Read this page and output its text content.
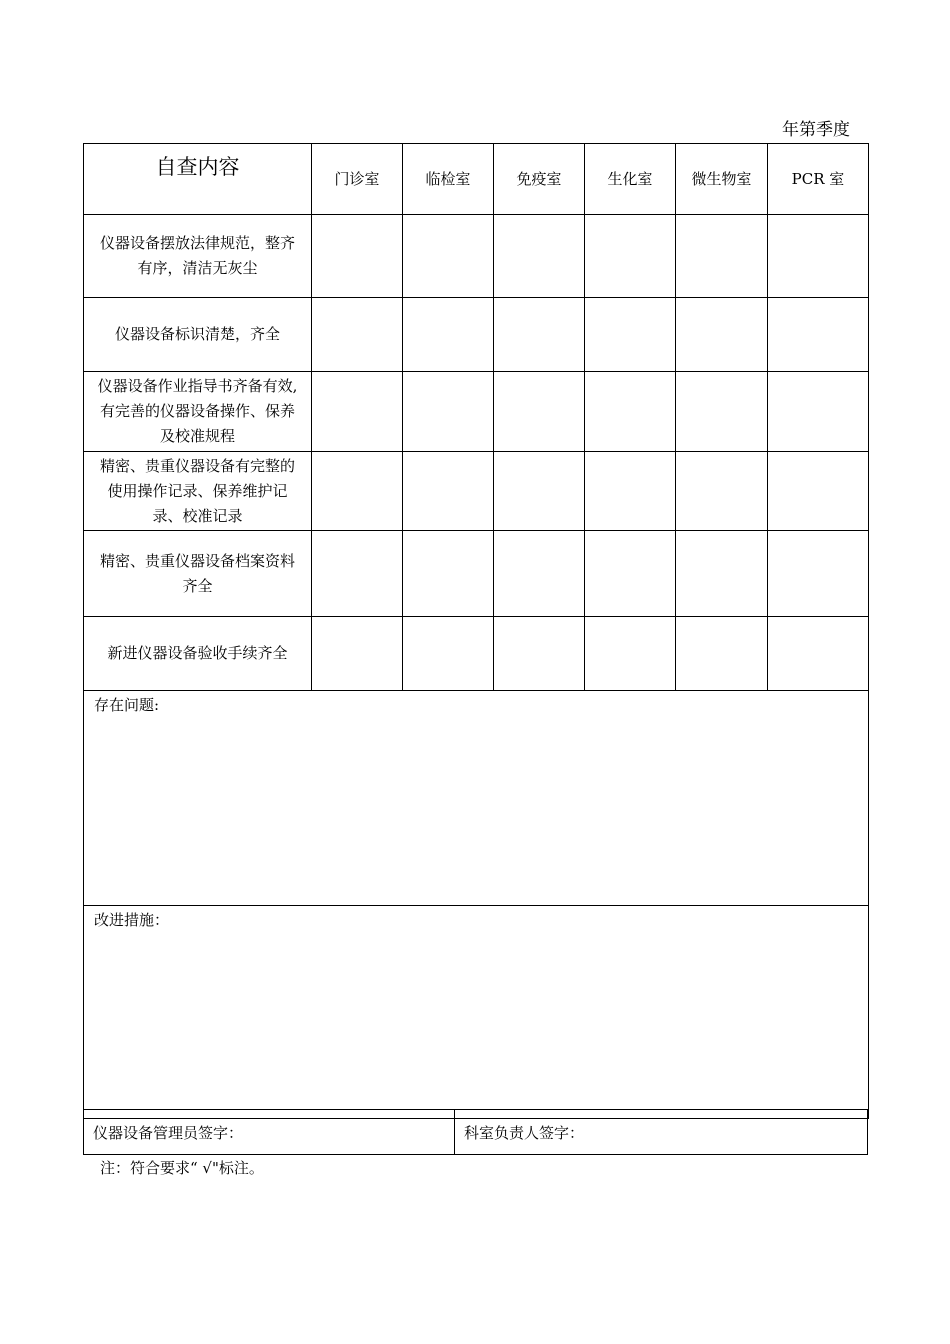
年第季度
自查内容	门诊室	临检室	免疫室	生化室	微生物室	PCR 室
仪器设备摆放法律规范，整齐有序，清洁无灰尘						
仪器设备标识清楚，齐全						
仪器设备作业指导书齐备有效,有完善的仪器设备操作、保养及校准规程						
精密、贵重仪器设备有完整的使用操作记录、保养维护记录、校准记录						
精密、贵重仪器设备档案资料齐全						
新进仪器设备验收手续齐全						
存在问题:						
改进措施：						
仪器设备管理员签字：	科室负责人签字：
注：符合要求“ √"标注。
